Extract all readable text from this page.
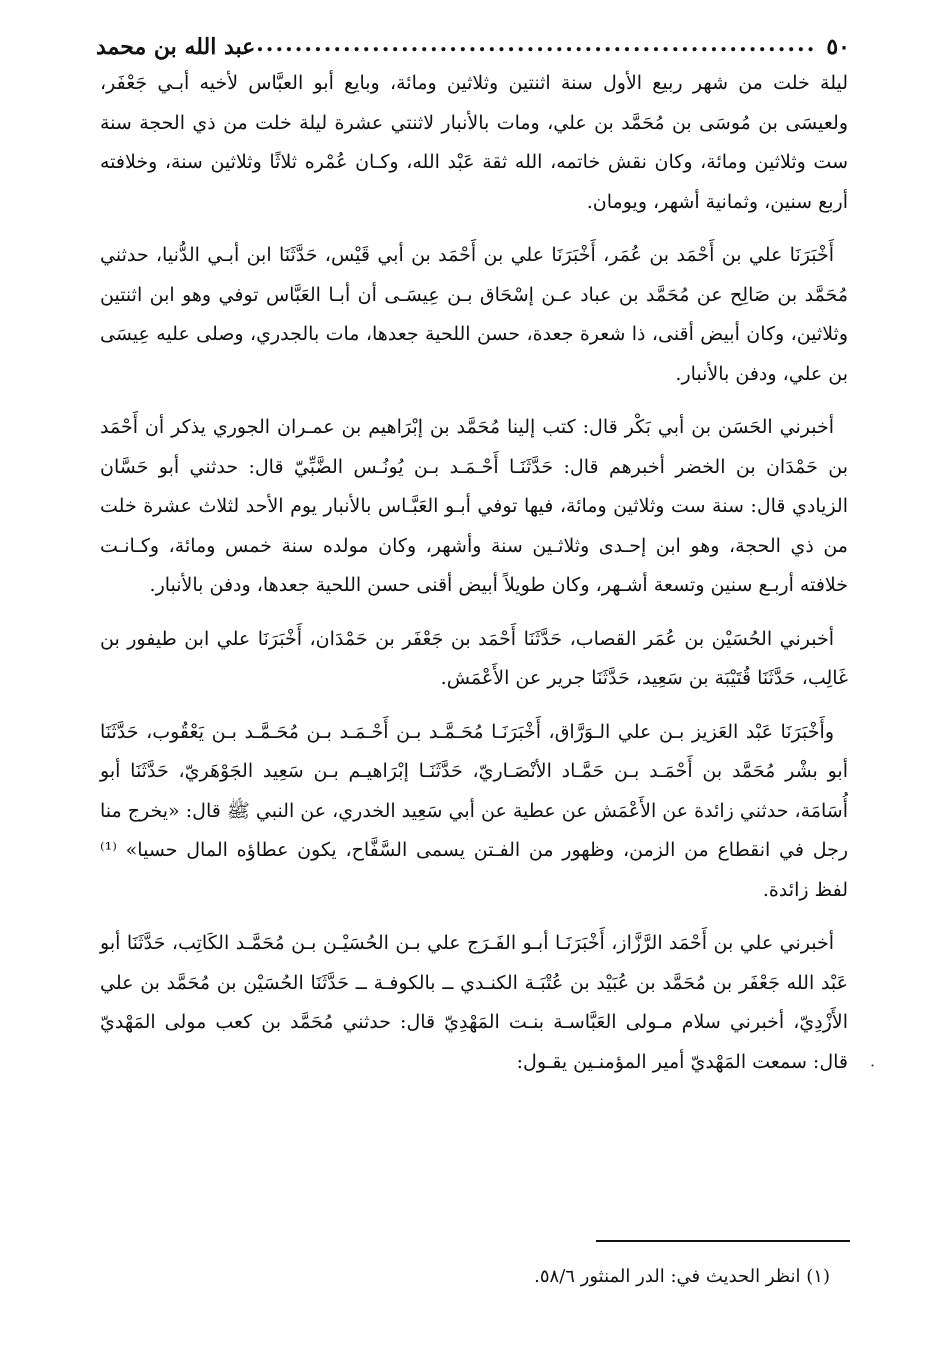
٥٠
.....
عبد الله بن محمد

ليلة خلت من شهر ربيع الأول سنة اثنتين وثلاثين ومائة، وبايع أبو العبَّاس لأخيه أبـي جَعْفَر، ولعيسَى بن مُوسَى بن مُحَمَّد بن علي، ومات بالأنبار لاثنتي عشرة ليلة خلت من ذي الحجة سنة ست وثلاثين ومائة، وكان نقش خاتمه، الله ثقة عَبْد الله، وكـان عُمْره ثلاثًا وثلاثين سنة، وخلافته أربع سنين، وثمانية أشهر، ويومان.

أَخْبَرَنَا علي بن أَحْمَد بن عُمَر، أَخْبَرَنَا علي بن أَحْمَد بن أبي قَيْس، حَدَّثَنَا ابن أبـي الدُّنيا، حدثني مُحَمَّد بن صَالِح عن مُحَمَّد بن عباد عـن إسْحَاق بـن عِيسَـى أن أبـا العَبَّاس توفي وهو ابن اثنتين وثلاثين، وكان أبيض أقنى، ذا شعرة جعدة، حسن اللحية جعدها، مات بالجدري، وصلى عليه عِيسَى بن علي، ودفن بالأنبار.

أخبرني الحَسَن بن أبي بَكْر قال: كتب إلينا مُحَمَّد بن إبْرَاهيم بن عمـران الجوري يذكر أن أَحْمَد بن حَمْدَان بن الخضر أخبرهم قال: حَدَّثَنَـا أَحْـمَـد بـن يُونُـس الضَّبِّيّ قال: حدثني أبو حَسَّان الزيادي قال: سنة ست وثلاثين ومائة، فيها توفي أبـو العَبَّـاس بالأنبار يوم الأحد لثلاث عشرة خلت من ذي الحجة، وهو ابن إحـدى وثلاثـين سنة وأشهر، وكان مولده سنة خمس ومائة، وكـانـت خلافته أربـع سنين وتسعة أشـهر، وكان طويلاً أبيض أقنى حسن اللحية جعدها، ودفن بالأنبار.

أخبرني الحُسَيْن بن عُمَر القصاب، حَدَّثَنَا أَحْمَد بن جَعْفَر بن حَمْدَان، أَخْبَرَنَا علي ابن طيفور بن غَالِب، حَدَّثَنَا قُتَيْبَة بن سَعِيد، حَدَّثَنَا جرير عن الأَعْمَش.

وأَخْبَرَنَا عَبْد العَزيز بـن علي الـوَرَّاق، أَخْبَرَنَـا مُحَـمَّـد بـن أَحْـمَـد بـن مُحَـمَّـد بـن يَعْقُوب، حَدَّثَنَا أبو بشْر مُحَمَّد بن أَحْمَـد بـن حَمَّـاد الأنْصَـاريّ، حَدَّثَنَـا إبْرَاهيـم بـن سَعِيد الجَوْهَريّ، حَدَّثَنَا أبو أُسَامَة، حدثني زائدة عن الأَعْمَش عن عطية عن أبي سَعِيد الخدري، عن النبي ﷺ قال: «يخرج منا رجل في انقطاع من الزمن، وظهور من الفـتن يسمى السَّفَّاح، يكون عطاؤه المال حسيا» ⁽¹⁾ لفظ زائدة.

أخبرني علي بن أَحْمَد الرَّزَّاز، أَخْبَرَنَـا أبـو الفَـرَج علي بـن الحُسَيْـن بـن مُحَمَّـد الكَاتِب، حَدَّثَنَا أبو عَبْد الله جَعْفَر بن مُحَمَّد بن عُبَيْد بن عُتْبَـة الكنـدي ــ بالكوفـة ــ حَدَّثَنَا الحُسَيْن بن مُحَمَّد بن علي الأَزْدِيّ، أخبرني سلام مـولى العَبَّاسـة بنـت المَهْدِيّ قال: حدثني مُحَمَّد بن كعب مولى المَهْديّ قال: سمعت المَهْديّ أمير المؤمنـين يقـول: ·
(١) انظر الحديث في: الدر المنثور ٥٨/٦.
